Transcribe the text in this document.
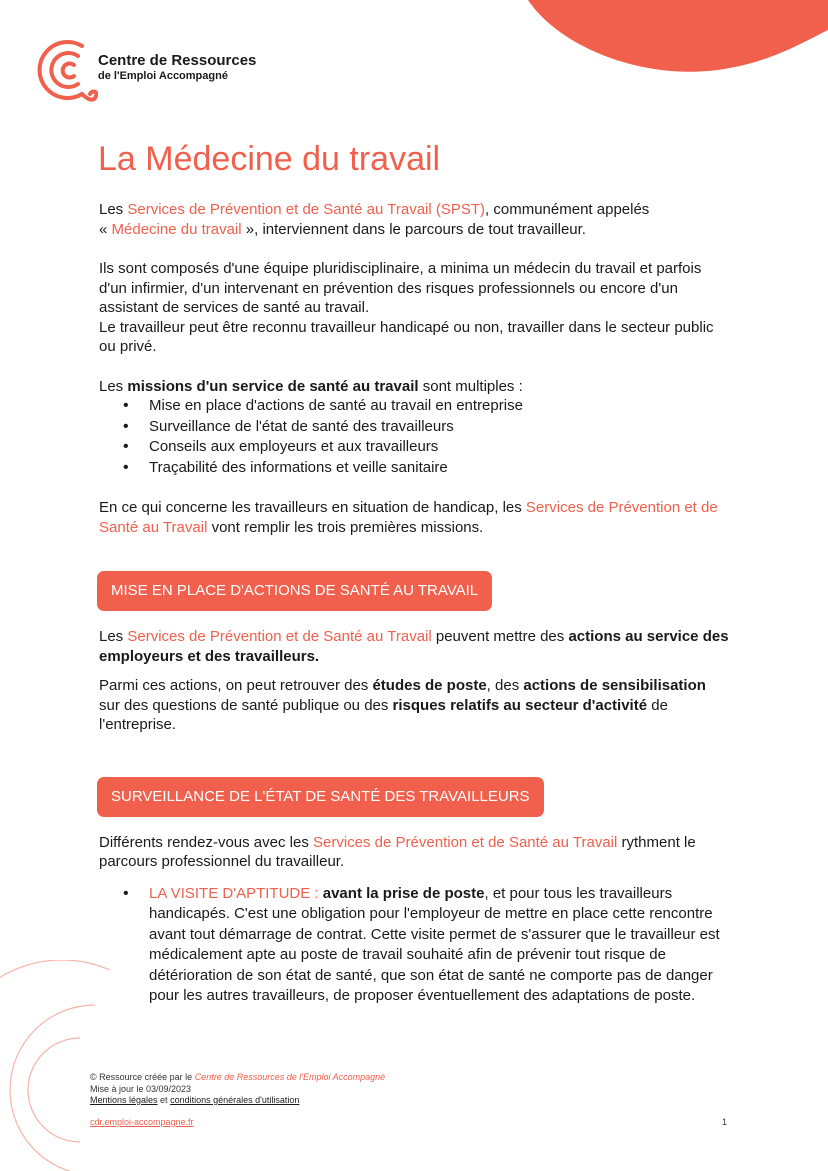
Centre de Ressources
de l'Emploi Accompagné
La Médecine du travail

Les Services de Prévention et de Santé au Travail (SPST), communément appelés
« Médecine du travail », interviennent dans le parcours de tout travailleur.

Ils sont composés d'une équipe pluridisciplinaire, a minima un médecin du travail et parfois d'un infirmier, d'un intervenant en prévention des risques professionnels ou encore d'un assistant de services de santé au travail.

Le travailleur peut être reconnu travailleur handicapé ou non, travailler dans le secteur public ou privé.

Les missions d'un service de santé au travail sont multiples :

• Mise en place d'actions de santé au travail en entreprise
• Surveillance de l'état de santé des travailleurs
• Conseils aux employeurs et aux travailleurs
• Traçabilité des informations et veille sanitaire

En ce qui concerne les travailleurs en situation de handicap, les Services de Prévention et de Santé au Travail vont remplir les trois premières missions.

MISE EN PLACE D'ACTIONS DE SANTÉ AU TRAVAIL

Les Services de Prévention et de Santé au Travail peuvent mettre des actions au service des employeurs et des travailleurs.

Parmi ces actions, on peut retrouver des études de poste, des actions de sensibilisation sur des questions de santé publique ou des risques relatifs au secteur d'activité de l'entreprise.

SURVEILLANCE DE L'ÉTAT DE SANTÉ DES TRAVAILLEURS

Différents rendez-vous avec les Services de Prévention et de Santé au Travail rythment le parcours professionnel du travailleur.

• LA VISITE D'APTITUDE : avant la prise de poste, et pour tous les travailleurs handicapés. C'est une obligation pour l'employeur de mettre en place cette rencontre avant tout démarrage de contrat. Cette visite permet de s'assurer que le travailleur est médicalement apte au poste de travail souhaité afin de prévenir tout risque de détérioration de son état de santé, que son état de santé ne comporte pas de danger pour les autres travailleurs, de proposer éventuellement des adaptations de poste.
© Ressource créée par le Centre de Ressources de l'Emploi Accompagné
Mise à jour le 03/09/2023
Mentions légales et conditions générales d'utilisation
cdr.emploi-accompagne.fr	1
